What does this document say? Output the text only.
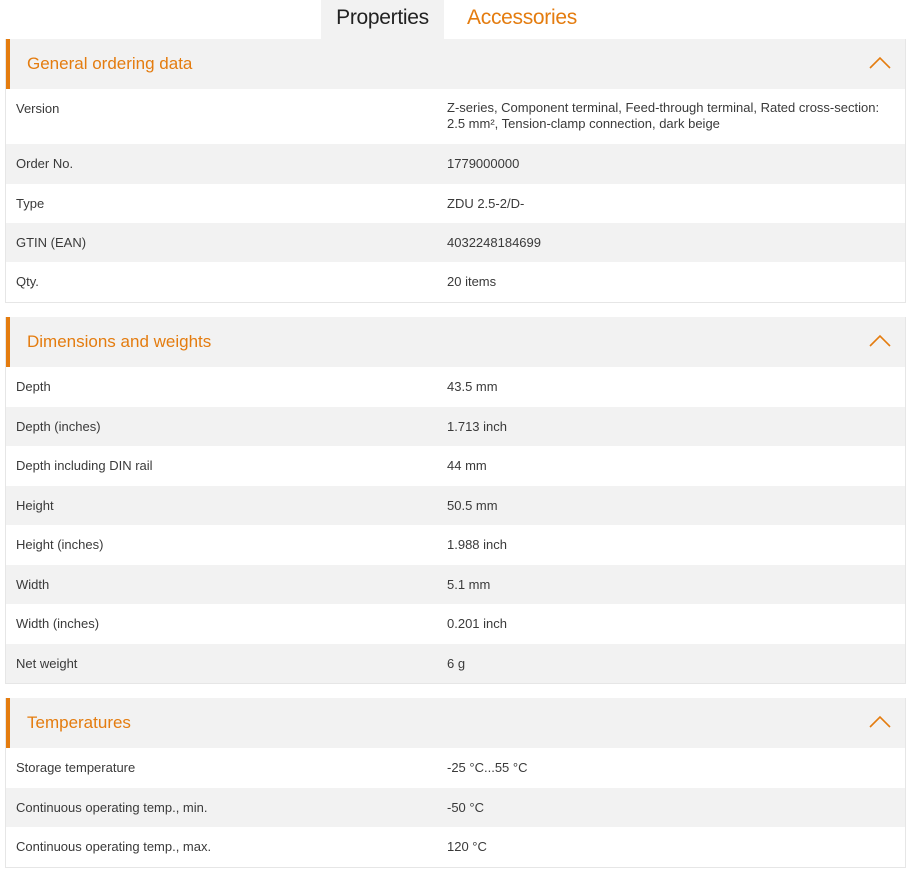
Properties	Accessories
General ordering data
Version	Z-series, Component terminal, Feed-through terminal, Rated cross-section:
2.5 mm², Tension-clamp connection, dark beige
Order No.	1779000000
Type	ZDU 2.5-2/D-
GTIN (EAN)	4032248184699
Qty.	20 items
Dimensions and weights
Depth	43.5 mm
Depth (inches)	1.713 inch
Depth including DIN rail	44 mm
Height	50.5 mm
Height (inches)	1.988 inch
Width	5.1 mm
Width (inches)	0.201 inch
Net weight	6 g
Temperatures
Storage temperature	-25 °C...55 °C
Continuous operating temp., min.	-50 °C
Continuous operating temp., max.	120 °C
